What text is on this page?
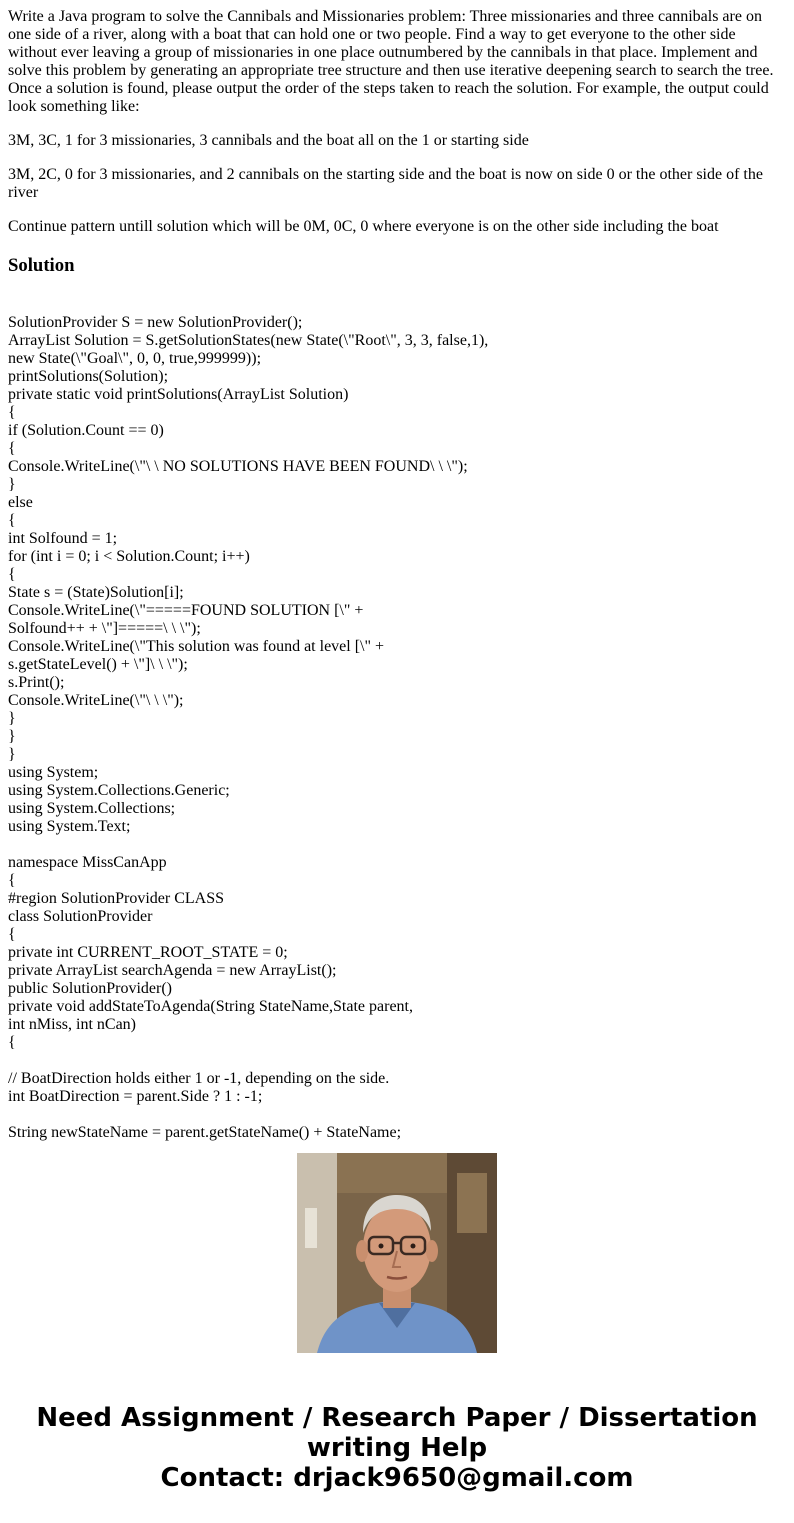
Write a Java program to solve the Cannibals and Missionaries problem: Three missionaries and three cannibals are on one side of a river, along with a boat that can hold one or two people. Find a way to get everyone to the other side without ever leaving a group of missionaries in one place outnumbered by the cannibals in that place. Implement and solve this problem by generating an appropriate tree structure and then use iterative deepening search to search the tree. Once a solution is found, please output the order of the steps taken to reach the solution. For example, the output could look something like:

3M, 3C, 1 for 3 missionaries, 3 cannibals and the boat all on the 1 or starting side

3M, 2C, 0 for 3 missionaries, and 2 cannibals on the starting side and the boat is now on side 0 or the other side of the river

Continue pattern untill solution which will be 0M, 0C, 0 where everyone is on the other side including the boat

Solution
SolutionProvider S = new SolutionProvider();
ArrayList Solution = S.getSolutionStates(new State(\"Root\", 3, 3, false,1),
new State(\"Goal\", 0, 0, true,999999));
printSolutions(Solution);
private static void printSolutions(ArrayList Solution)
{
if (Solution.Count == 0)
{
Console.WriteLine(\"\ \ NO SOLUTIONS HAVE BEEN FOUND\ \ \");
}
else
{
int Solfound = 1;
for (int i = 0; i < Solution.Count; i++)
{
State s = (State)Solution[i];
Console.WriteLine(\"=====FOUND SOLUTION [\" +
Solfound++ + \"]=====\ \ \");
Console.WriteLine(\"This solution was found at level [\" +
s.getStateLevel() + \"]\ \ \");
s.Print();
Console.WriteLine(\"\ \ \");
}
}
}
using System;
using System.Collections.Generic;
using System.Collections;
using System.Text;
namespace MissCanApp
{
#region SolutionProvider CLASS
class SolutionProvider
{
private int CURRENT_ROOT_STATE = 0;
private ArrayList searchAgenda = new ArrayList();
public SolutionProvider()
private void addStateToAgenda(String StateName,State parent,
int nMiss, int nCan)
{
// BoatDirection holds either 1 or -1, depending on the side.
int BoatDirection = parent.Side ? 1 : -1;
String newStateName = parent.getStateName() + StateName;
Need Assignment / Research Paper / Dissertation
writing Help
Contact: drjack9650@gmail.com
